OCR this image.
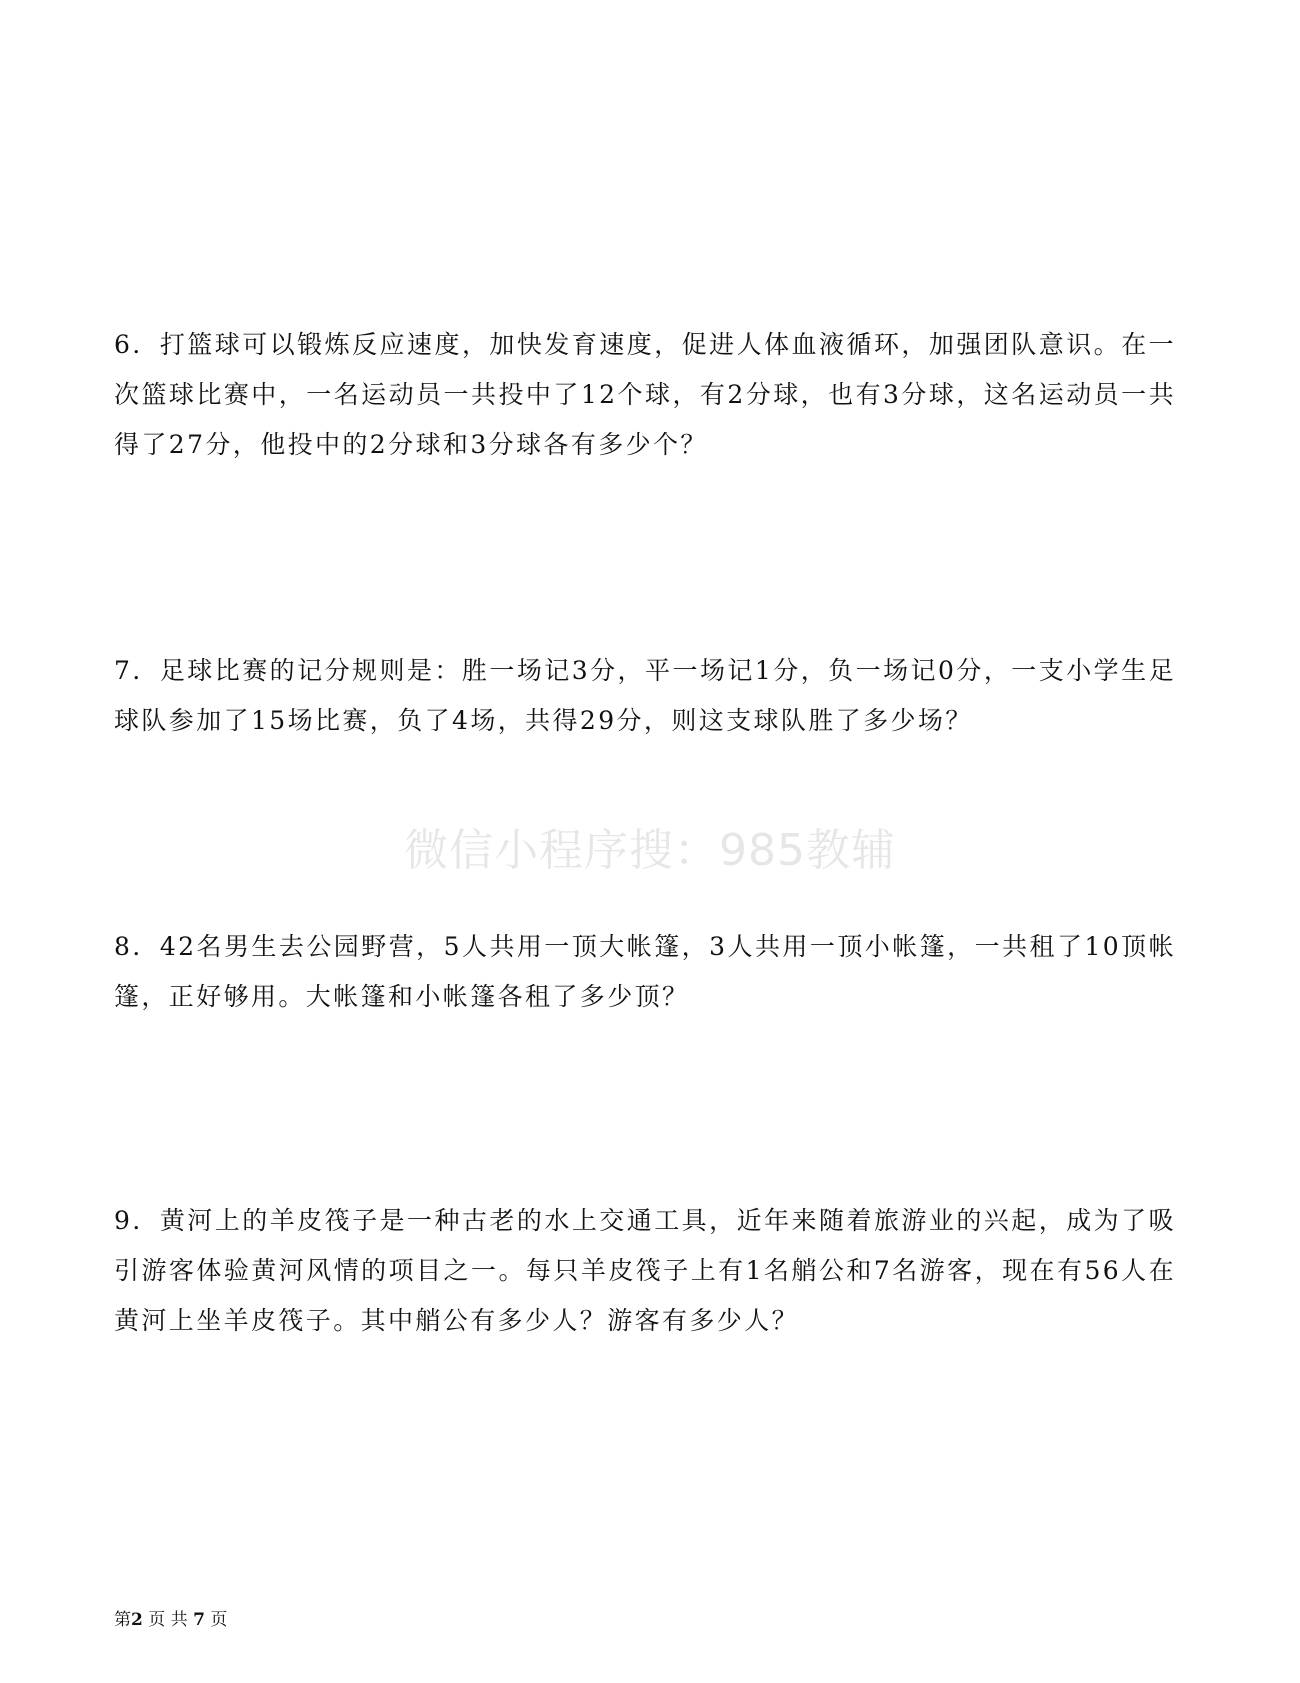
6．打篮球可以锻炼反应速度，加快发育速度，促进人体血液循环，加强团队意识。在一次篮球比赛中，一名运动员一共投中了12个球，有2分球，也有3分球，这名运动员一共得了27分，他投中的2分球和3分球各有多少个？
7．足球比赛的记分规则是：胜一场记3分，平一场记1分，负一场记0分，一支小学生足球队参加了15场比赛，负了4场，共得29分，则这支球队胜了多少场？
微信小程序搜：985教辅
8．42名男生去公园野营，5人共用一顶大帐篷，3人共用一顶小帐篷，一共租了10顶帐篷，正好够用。大帐篷和小帐篷各租了多少顶？
9．黄河上的羊皮筏子是一种古老的水上交通工具，近年来随着旅游业的兴起，成为了吸引游客体验黄河风情的项目之一。每只羊皮筏子上有1名艄公和7名游客，现在有56人在黄河上坐羊皮筏子。其中艄公有多少人？游客有多少人？
第2 页 共 7 页
